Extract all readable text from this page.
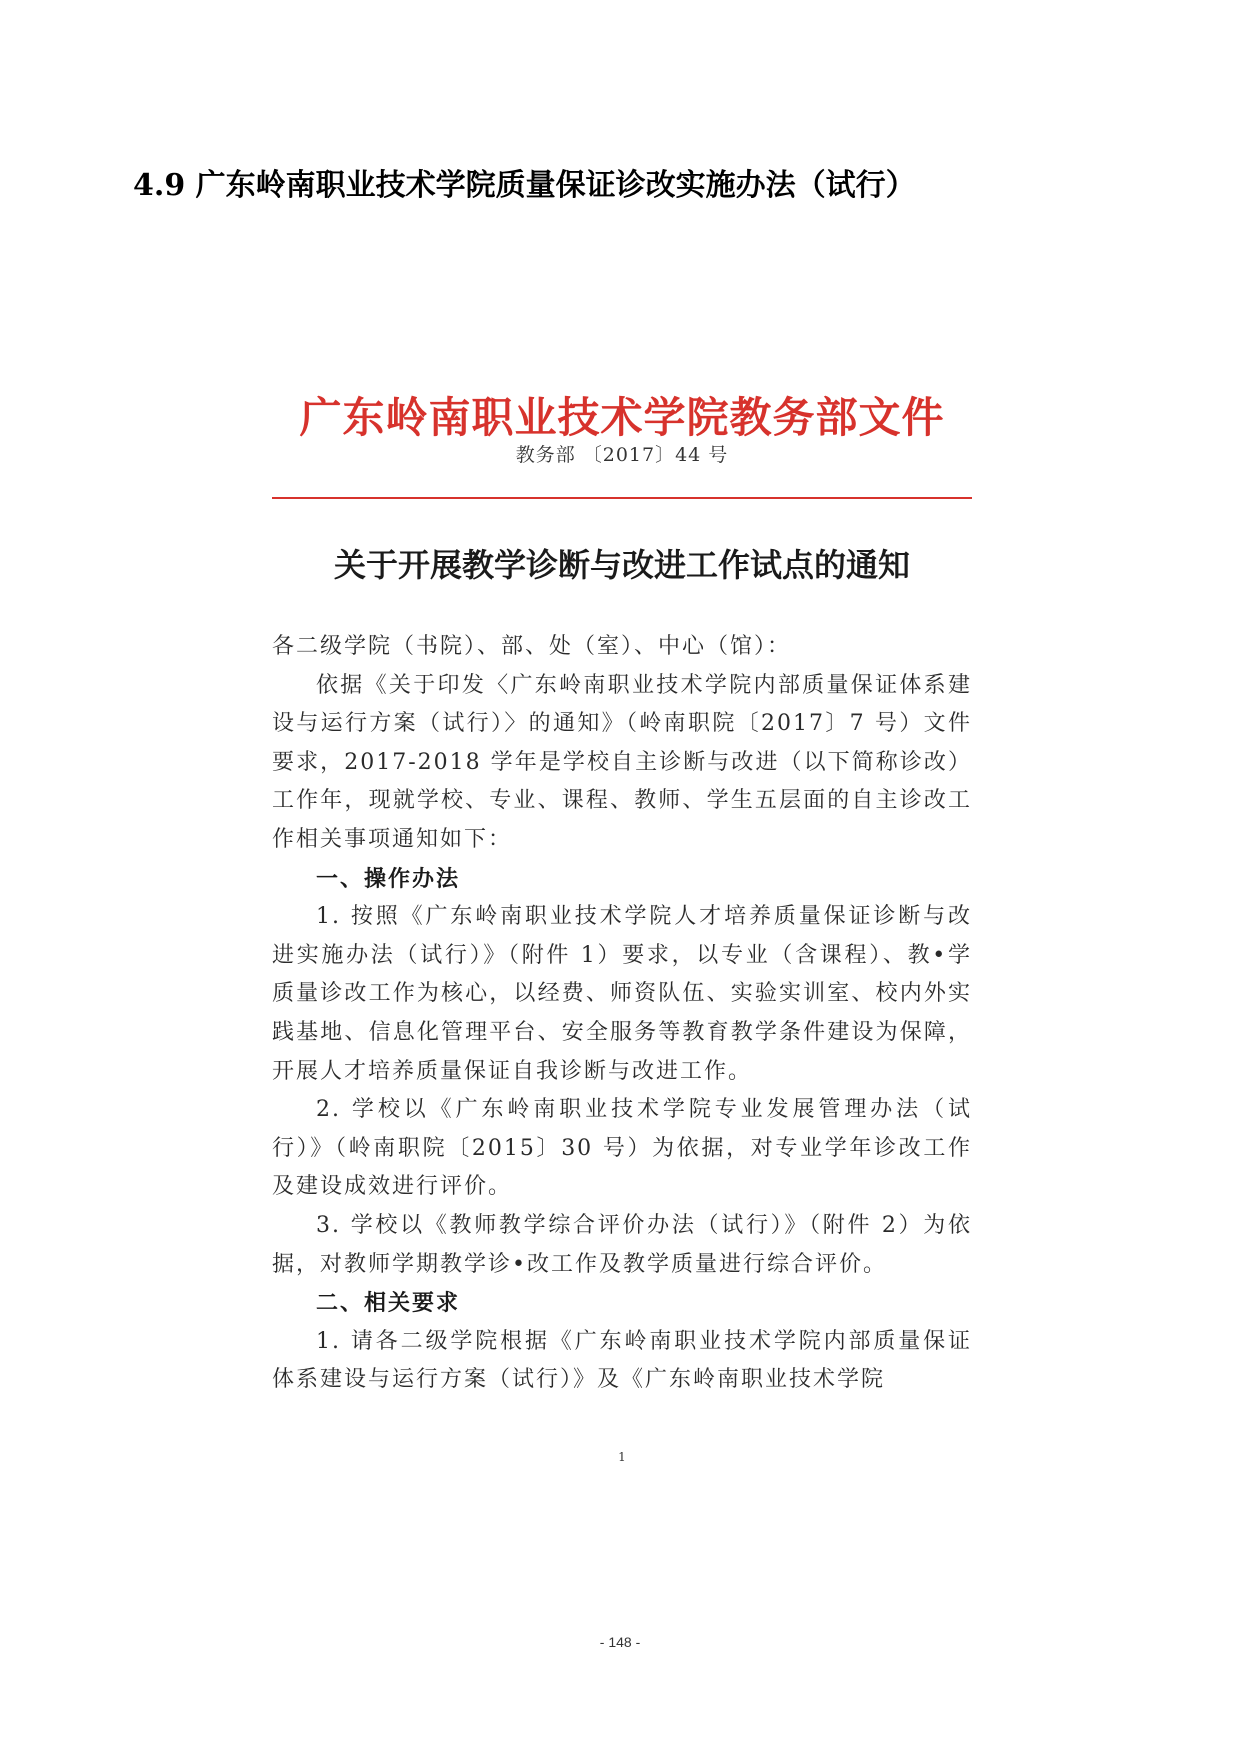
4.9 广东岭南职业技术学院质量保证诊改实施办法（试行）
广东岭南职业技术学院教务部文件
教务部 〔2017〕44 号
关于开展教学诊断与改进工作试点的通知

各二级学院（书院）、部、处（室）、中心（馆）：

依据《关于印发〈广东岭南职业技术学院内部质量保证体系建设与运行方案（试行）〉的通知》（岭南职院〔2017〕7 号）文件要求，2017-2018 学年是学校自主诊断与改进（以下简称诊改）工作年，现就学校、专业、课程、教师、学生五层面的自主诊改工作相关事项通知如下：

一、操作办法

1. 按照《广东岭南职业技术学院人才培养质量保证诊断与改进实施办法（试行）》（附件 1）要求，以专业（含课程）、教•学质量诊改工作为核心，以经费、师资队伍、实验实训室、校内外实践基地、信息化管理平台、安全服务等教育教学条件建设为保障，开展人才培养质量保证自我诊断与改进工作。

2. 学校以《广东岭南职业技术学院专业发展管理办法（试行）》（岭南职院〔2015〕30 号）为依据，对专业学年诊改工作及建设成效进行评价。

3. 学校以《教师教学综合评价办法（试行）》（附件 2）为依据，对教师学期教学诊•改工作及教学质量进行综合评价。

二、相关要求

1. 请各二级学院根据《广东岭南职业技术学院内部质量保证体系建设与运行方案（试行）》及《广东岭南职业技术学院

1
- 148 -
